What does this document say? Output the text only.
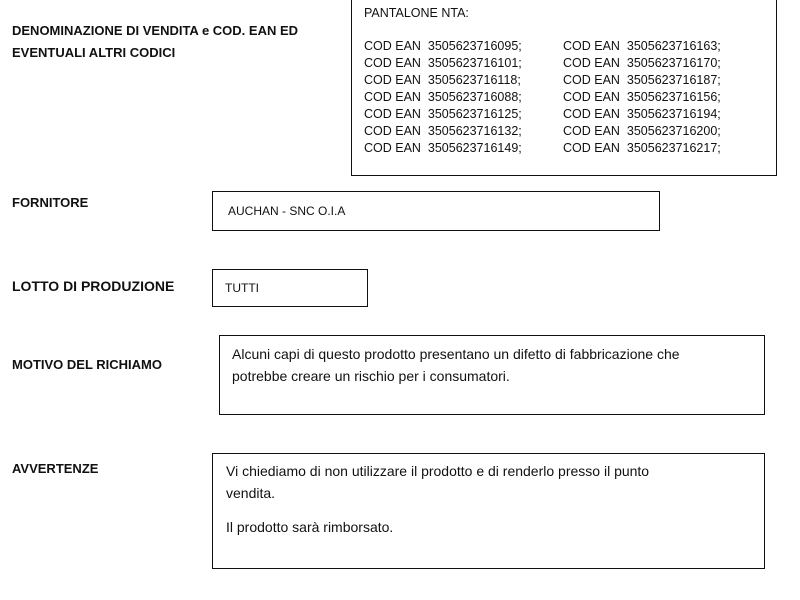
DENOMINAZIONE DI VENDITA e COD. EAN ED
EVENTUALI ALTRI CODICI
PANTALONE NTA:
COD EAN  3505623716095;	COD EAN  3505623716163;
COD EAN  3505623716101;	COD EAN  3505623716170;
COD EAN  3505623716118;	COD EAN  3505623716187;
COD EAN  3505623716088;	COD EAN  3505623716156;
COD EAN  3505623716125;	COD EAN  3505623716194;
COD EAN  3505623716132;	COD EAN  3505623716200;
COD EAN  3505623716149;	COD EAN  3505623716217;
FORNITORE
AUCHAN - SNC O.I.A
LOTTO DI PRODUZIONE	TUTTI
MOTIVO DEL RICHIAMO
Alcuni capi di questo prodotto presentano un difetto di fabbricazione che
potrebbe creare un rischio per i consumatori.
AVVERTENZE	Vi chiediamo di non utilizzare il prodotto e di renderlo presso il punto
vendita.
Il prodotto sarà rimborsato.
